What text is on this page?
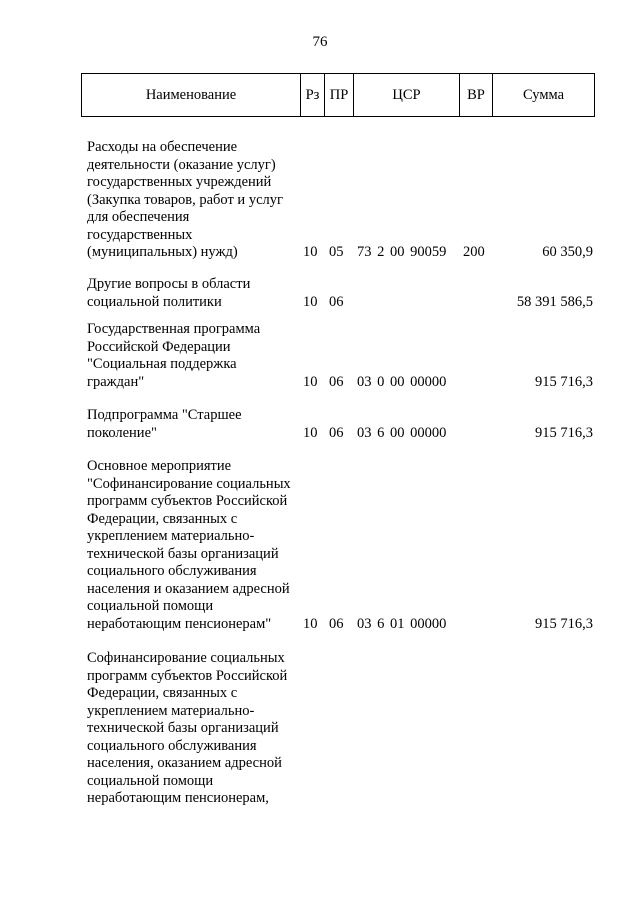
76
Наименование	Рз ПР	ЦСР	ВР	Сумма
Расходы на обеспечение
деятельности (оказание услуг)
государственных учреждений
(Закупка товаров, работ и услуг
для обеспечения
государственных
(муниципальных) нужд)	10 05 73 2 00 90059 200	60 350,9
Другие вопросы в области
социальной политики	10 06	58 391 586,5
Государственная программа
Российской Федерации
"Социальная поддержка
граждан"	10 06 03 0 00 00000	915 716,3
Подпрограмма "Старшее
поколение"	10 06 03 6 00 00000	915 716,3
Основное мероприятие
"Софинансирование социальных
программ субъектов Российской
Федерации, связанных с
укреплением материально-
технической базы организаций
социального обслуживания
населения и оказанием адресной
социальной помощи
неработающим пенсионерам"	10 06 03 6 01 00000	915 716,3
Софинансирование социальных
программ субъектов Российской
Федерации, связанных с
укреплением материально-
технической базы организаций
социального обслуживания
населения, оказанием адресной
социальной помощи
неработающим пенсионерам,
